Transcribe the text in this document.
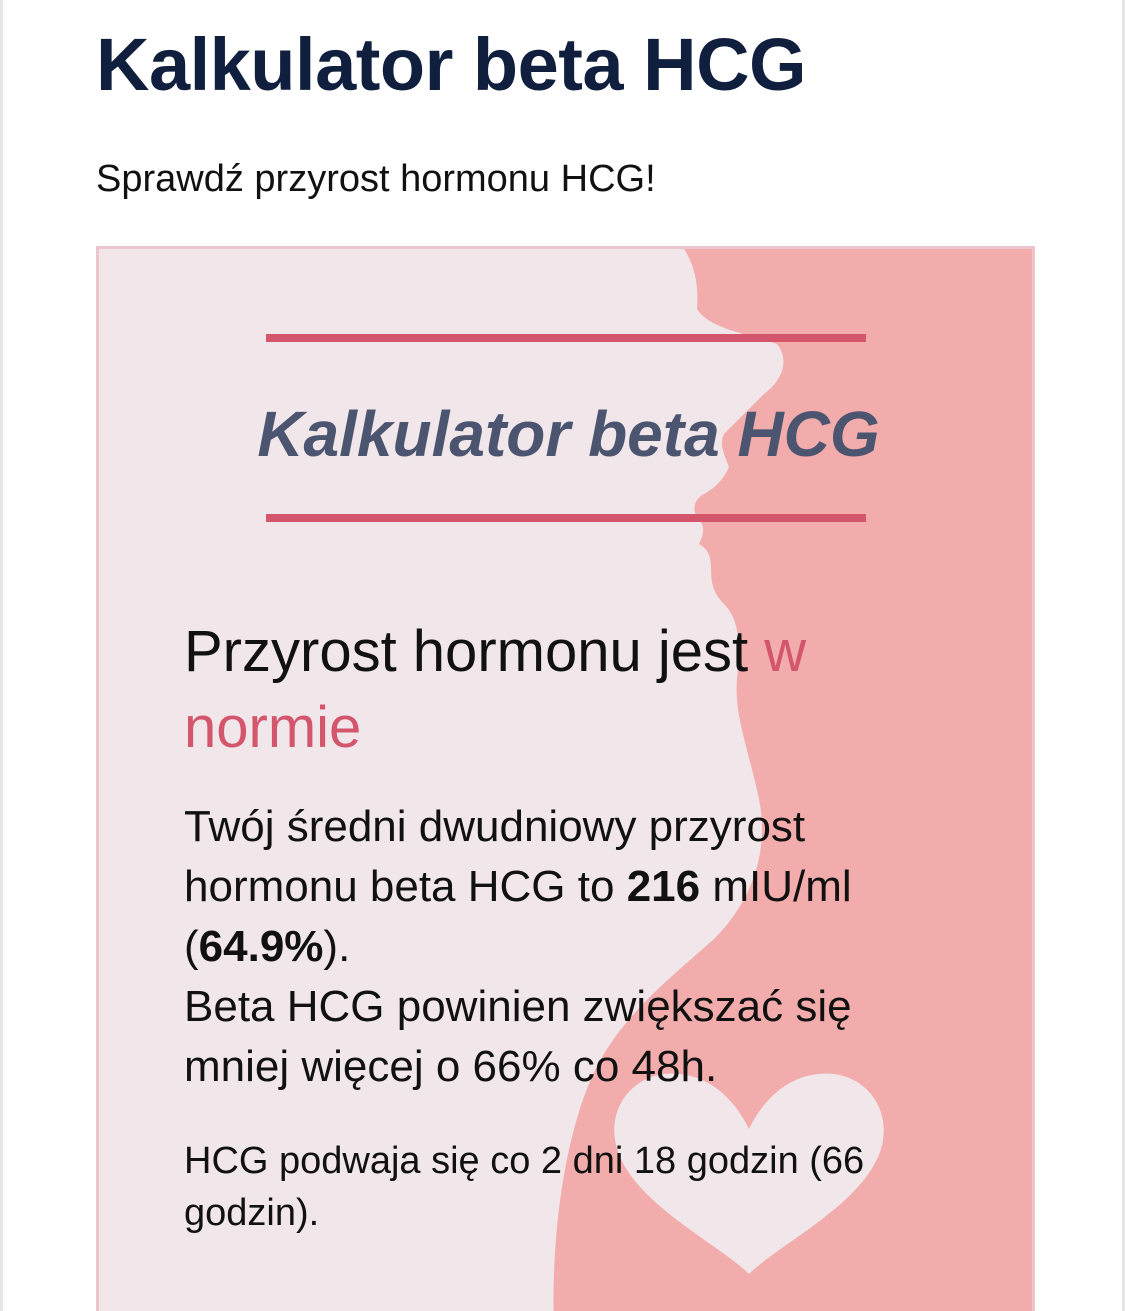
Kalkulator beta HCG

Sprawdź przyrost hormonu HCG!

Kalkulator beta HCG
Przyrost hormonu jest w normie

Twój średni dwudniowy przyrost hormonu beta HCG to 216 mIU/ml (64.9%).
Beta HCG powinien zwiększać się mniej więcej o 66% co 48h.

HCG podwaja się co 2 dni 18 godzin (66 godzin).
